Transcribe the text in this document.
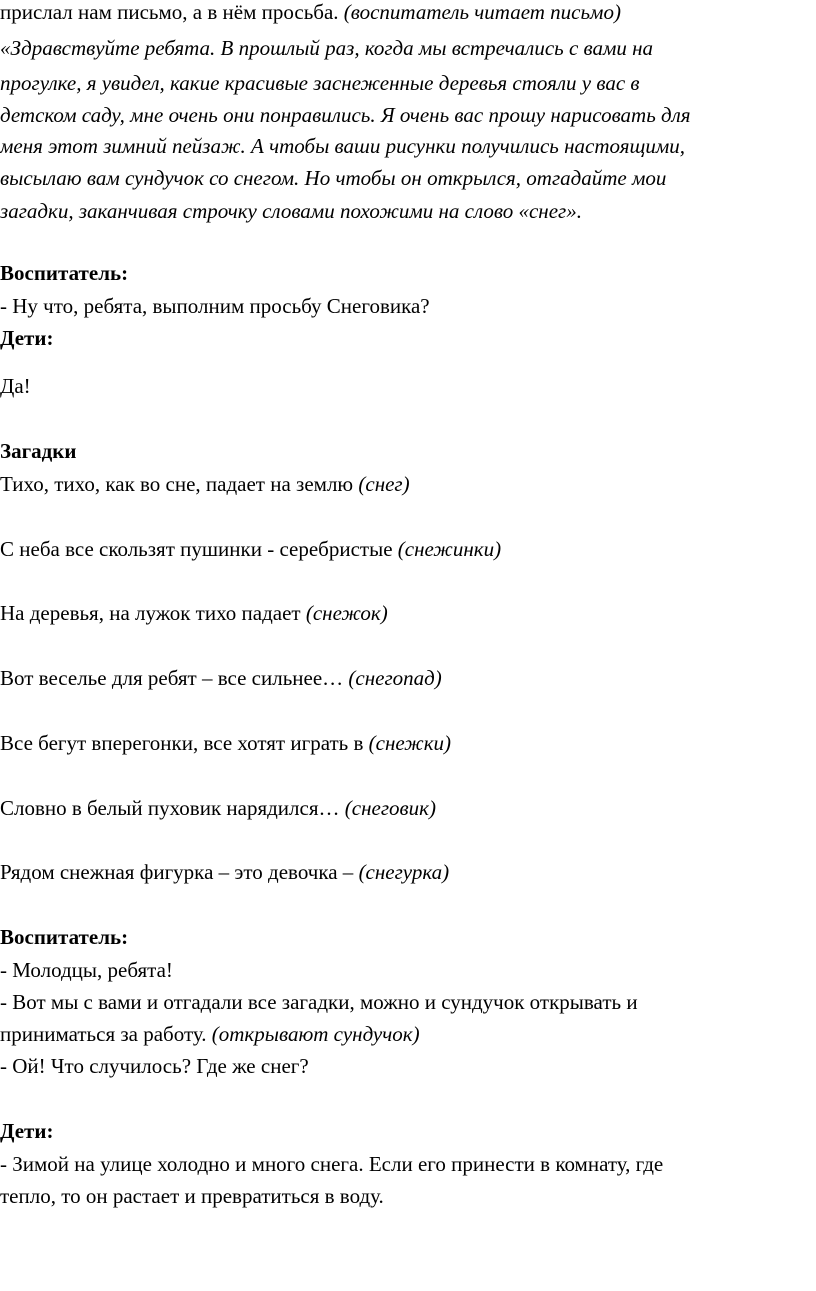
прислал нам письмо, а в нём просьба. (воспитатель читает письмо)
«Здравствуйте ребята. В прошлый раз, когда мы встречались с вами на
прогулке, я увидел, какие красивые заснеженные деревья стояли у вас в
детском саду, мне очень они понравились. Я очень вас прошу нарисовать для
меня этот зимний пейзаж. А чтобы ваши рисунки получились настоящими,
высылаю вам сундучок со снегом. Но чтобы он открылся, отгадайте мои
загадки, заканчивая строчку словами похожими на слово «снег».
Воспитатель:
- Ну что, ребята, выполним просьбу Снеговика?
Дети:
Да!
Загадки
Тихо, тихо, как во сне, падает на землю (снег)
С неба все скользят пушинки - серебристые (снежинки)
На деревья, на лужок тихо падает (снежок)
Вот веселье для ребят – все сильнее… (снегопад)
Все бегут вперегонки, все хотят играть в (снежки)
Словно в белый пуховик нарядился… (снеговик)
Рядом снежная фигурка – это девочка – (снегурка)
Воспитатель:
- Молодцы, ребята!
- Вот мы с вами и отгадали все загадки, можно и сундучок открывать и
приниматься за работу. (открывают сундучок)
- Ой! Что случилось? Где же снег?
Дети:
- Зимой на улице холодно и много снега. Если его принести в комнату, где
тепло, то он растает и превратиться в воду.
